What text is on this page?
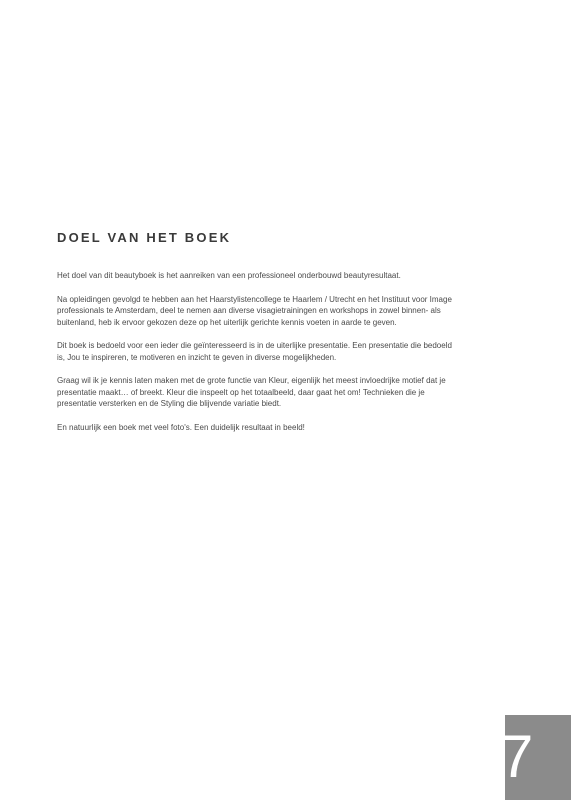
DOEL VAN HET BOEK

Het doel van dit beautyboek is het aanreiken van een professioneel onderbouwd beautyresultaat.

Na opleidingen gevolgd te hebben aan het Haarstylistencollege te Haarlem / Utrecht en het Instituut voor Image professionals te Amsterdam, deel te nemen aan diverse visagietrainingen en workshops in zowel binnen- als buitenland, heb ik ervoor gekozen deze op het uiterlijk gerichte kennis voeten in aarde te geven.

Dit boek is bedoeld voor een ieder die geïnteresseerd is in de uiterlijke presentatie. Een presentatie die bedoeld is, Jou te inspireren, te motiveren en inzicht te geven in diverse mogelijkheden.

Graag wil ik je kennis laten maken met de grote functie van Kleur, eigenlijk het meest invloedrijke motief dat je presentatie maakt… of breekt. Kleur die inspeelt op het totaalbeeld, daar gaat het om! Technieken die je presentatie versterken en de Styling die blijvende variatie biedt.

En natuurlijk een boek met veel foto's. Een duidelijk resultaat in beeld!

7
